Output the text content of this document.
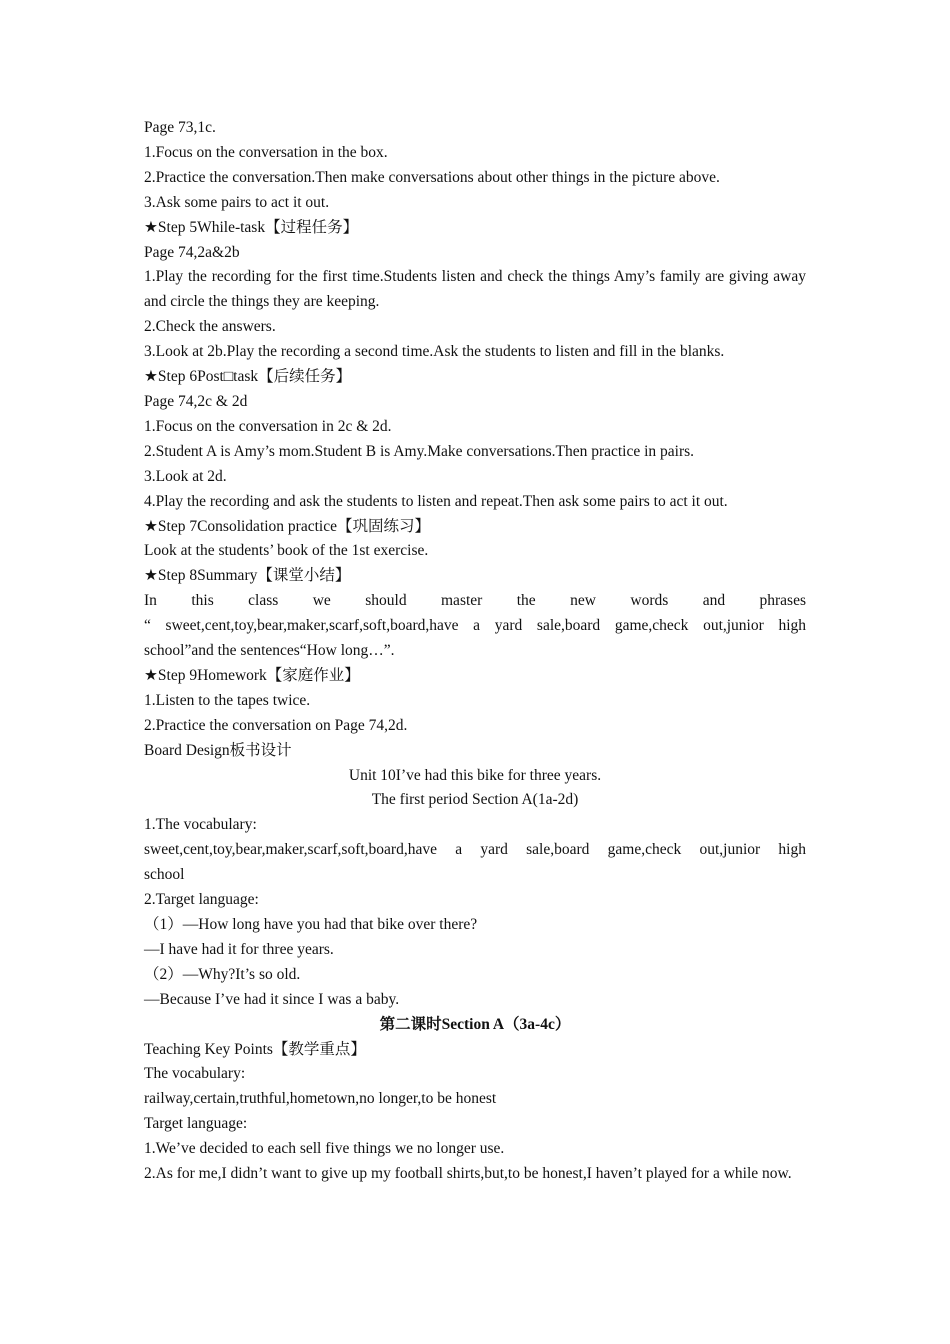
Page 73,1c.
1.Focus on the conversation in the box.
2.Practice the conversation.Then make conversations about other things in the picture above.
3.Ask some pairs to act it out.
★Step 5While-task【过程任务】
Page 74,2a&2b
1.Play the recording for the first time.Students listen and check the things Amy’s family are giving away and circle the things they are keeping.
2.Check the answers.
3.Look at 2b.Play the recording a second time.Ask the students to listen and fill in the blanks.
★Step 6Post□task【后续任务】
Page 74,2c & 2d
1.Focus on the conversation in 2c & 2d.
2.Student A is Amy’s mom.Student B is Amy.Make conversations.Then practice in pairs.
3.Look at 2d.
4.Play the recording and ask the students to listen and repeat.Then ask some pairs to act it out.
★Step 7Consolidation practice【巩固练习】
Look at the students’ book of the 1st exercise.
★Step 8Summary【课堂小结】
In this class we should master the new words and phrases
“ sweet,cent,toy,bear,maker,scarf,soft,board,have a yard sale,board game,check out,junior high
school”and the sentences“How long…”.
★Step 9Homework【家庭作业】
1.Listen to the tapes twice.
2.Practice the conversation on Page 74,2d.
Board Design板书设计
Unit 10I’ve had this bike for three years.
The first period Section A(1a-2d)
1.The vocabulary:
sweet,cent,toy,bear,maker,scarf,soft,board,have a yard sale,board game,check out,junior high
school
2.Target language:
（1）—How long have you had that bike over there?
—I have had it for three years.
（2）—Why?It’s so old.
—Because I’ve had it since I was a baby.
第二课时Section A（3a-4c）
Teaching Key Points【教学重点】
The vocabulary:
railway,certain,truthful,hometown,no longer,to be honest
Target language:
1.We’ve decided to each sell five things we no longer use.
2.As for me,I didn’t want to give up my football shirts,but,to be honest,I haven’t played for a while now.
